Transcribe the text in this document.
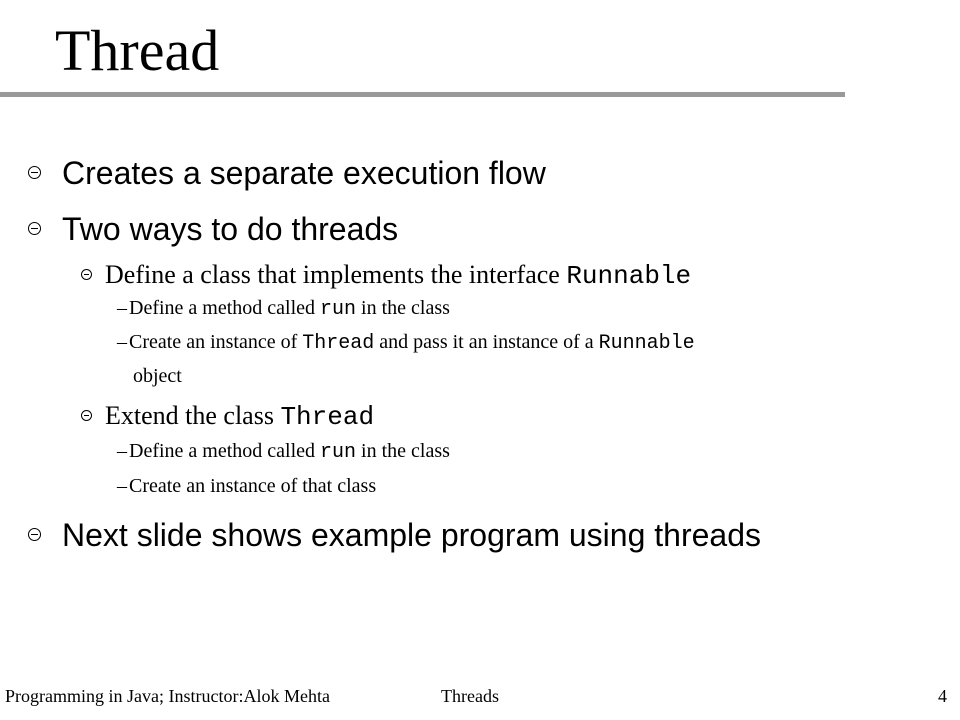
Thread
Creates a separate execution flow
Two ways to do threads
Define a class that implements the interface Runnable
– Define a method called run in the class
– Create an instance of Thread and pass it an instance of a Runnable
object
Extend the class Thread
– Define a method called run in the class
– Create an instance of that class
Next slide shows example program using threads
Programming in Java; Instructor:Alok Mehta	Threads	4
